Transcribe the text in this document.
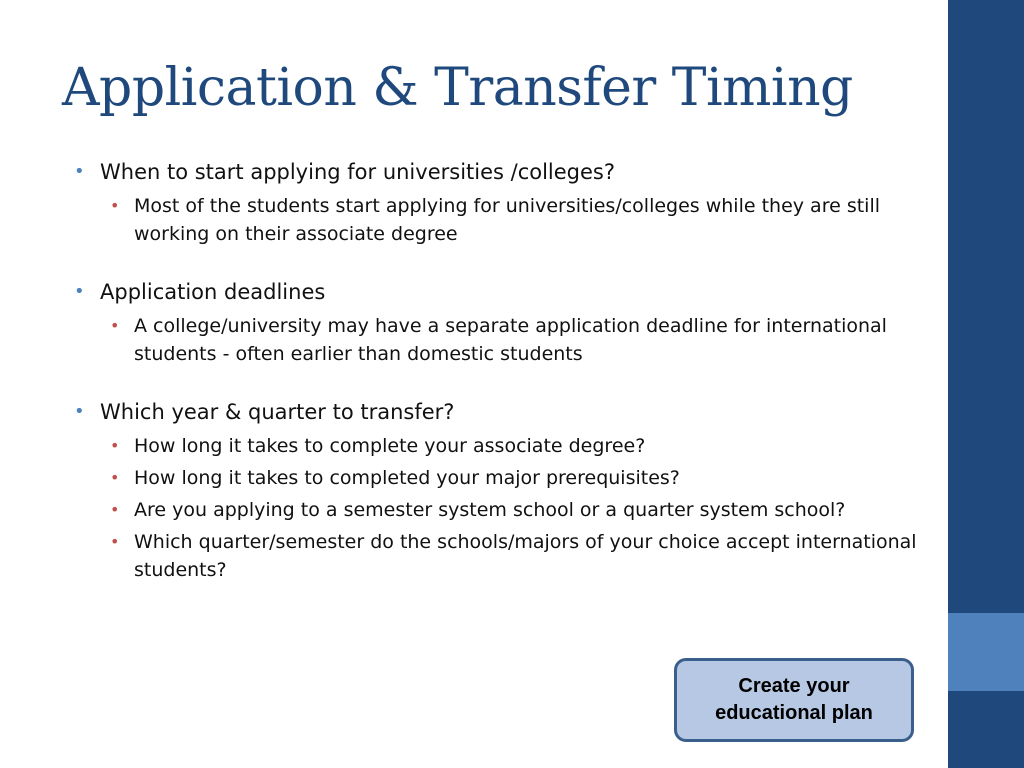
Application & Transfer Timing
• When to start applying for universities /colleges?
• Most of the students start applying for universities/colleges while they are still working on their associate degree
• Application deadlines
• A college/university may have a separate application deadline for international students - often earlier than domestic students
• Which year & quarter to transfer?
• How long it takes to complete your associate degree?
• How long it takes to completed your major prerequisites?
• Are you applying to a semester system school or a quarter system school?
• Which quarter/semester do the schools/majors of your choice accept international students?
Create your
educational plan
